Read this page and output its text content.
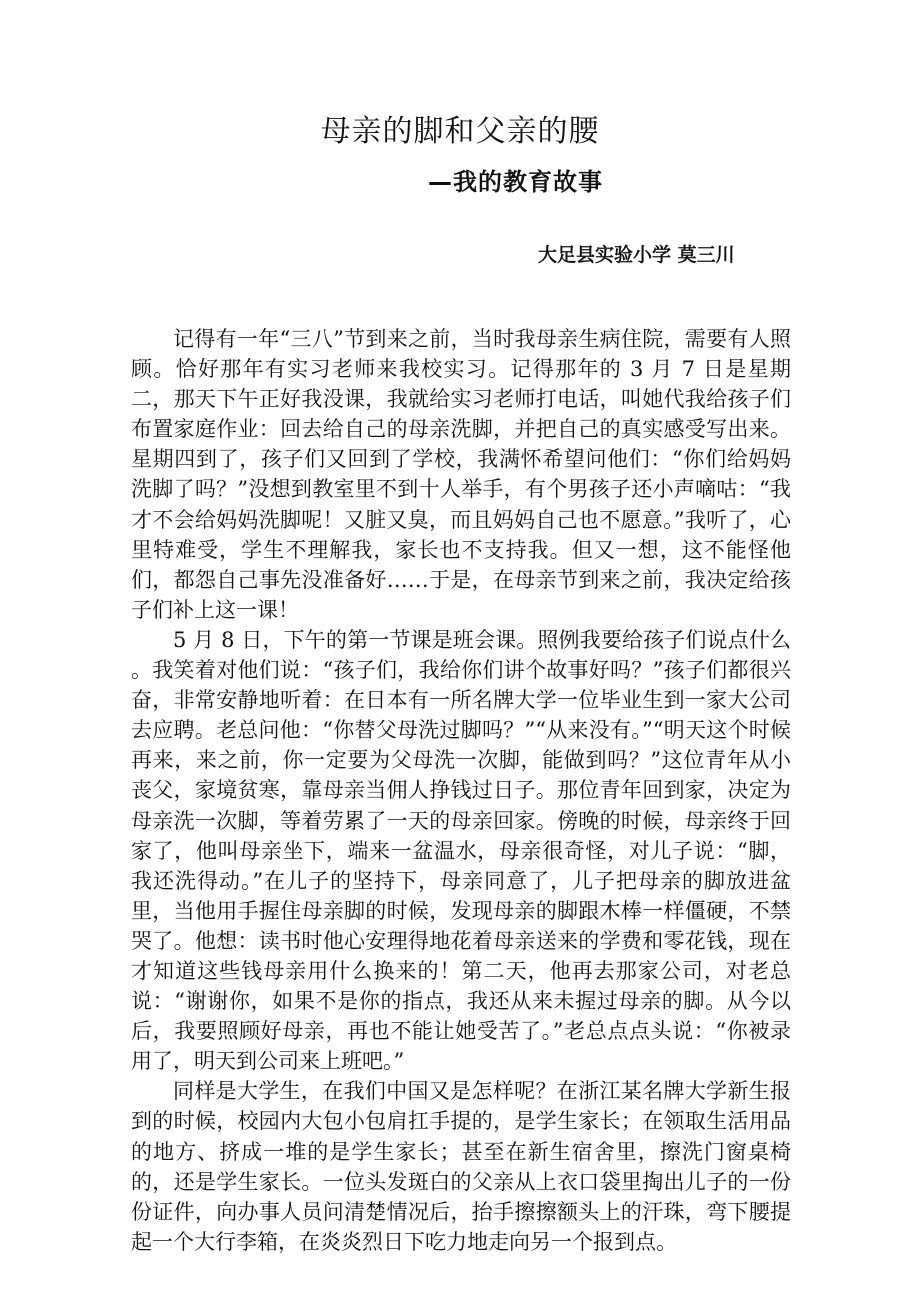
母亲的脚和父亲的腰
—我的教育故事
大足县实验小学 莫三川

记得有一年“三八”节到来之前，当时我母亲生病住院，需要有人照顾。恰好那年有实习老师来我校实习。记得那年的 3 月 7 日是星期二，那天下午正好我没课，我就给实习老师打电话，叫她代我给孩子们布置家庭作业：回去给自己的母亲洗脚，并把自己的真实感受写出来。星期四到了，孩子们又回到了学校，我满怀希望问他们：“你们给妈妈洗脚了吗？”没想到教室里不到十人举手，有个男孩子还小声嘀咕：“我才不会给妈妈洗脚呢！又脏又臭，而且妈妈自己也不愿意。”我听了，心里特难受，学生不理解我，家长也不支持我。但又一想，这不能怪他们，都怨自己事先没准备好……于是，在母亲节到来之前，我决定给孩子们补上这一课！

5 月 8 日，下午的第一节课是班会课。照例我要给孩子们说点什么 。我笑着对他们说：“孩子们，我给你们讲个故事好吗？”孩子们都很兴奋，非常安静地听着：在日本有一所名牌大学一位毕业生到一家大公司去应聘。老总问他：“你替父母洗过脚吗？”“从来没有。”“明天这个时候再来，来之前，你一定要为父母洗一次脚，能做到吗？”这位青年从小丧父，家境贫寒，靠母亲当佣人挣钱过日子。那位青年回到家，决定为母亲洗一次脚，等着劳累了一天的母亲回家。傍晚的时候，母亲终于回家了，他叫母亲坐下，端来一盆温水，母亲很奇怪，对儿子说：“脚，我还洗得动。”在儿子的坚持下，母亲同意了，儿子把母亲的脚放进盆里，当他用手握住母亲脚的时候，发现母亲的脚跟木棒一样僵硬，不禁哭了。他想：读书时他心安理得地花着母亲送来的学费和零花钱，现在才知道这些钱母亲用什么换来的！第二天，他再去那家公司，对老总说：“谢谢你，如果不是你的指点，我还从来未握过母亲的脚。从今以后，我要照顾好母亲，再也不能让她受苦了。”老总点点头说：“你被录用了，明天到公司来上班吧。”

同样是大学生，在我们中国又是怎样呢？在浙江某名牌大学新生报到的时候，校园内大包小包肩扛手提的，是学生家长；在领取生活用品的地方、挤成一堆的是学生家长；甚至在新生宿舍里，擦洗门窗桌椅的，还是学生家长。一位头发斑白的父亲从上衣口袋里掏出儿子的一份份证件，向办事人员问清楚情况后，抬手擦擦额头上的汗珠，弯下腰提起一个大行李箱，在炎炎烈日下吃力地走向另一个报到点。
